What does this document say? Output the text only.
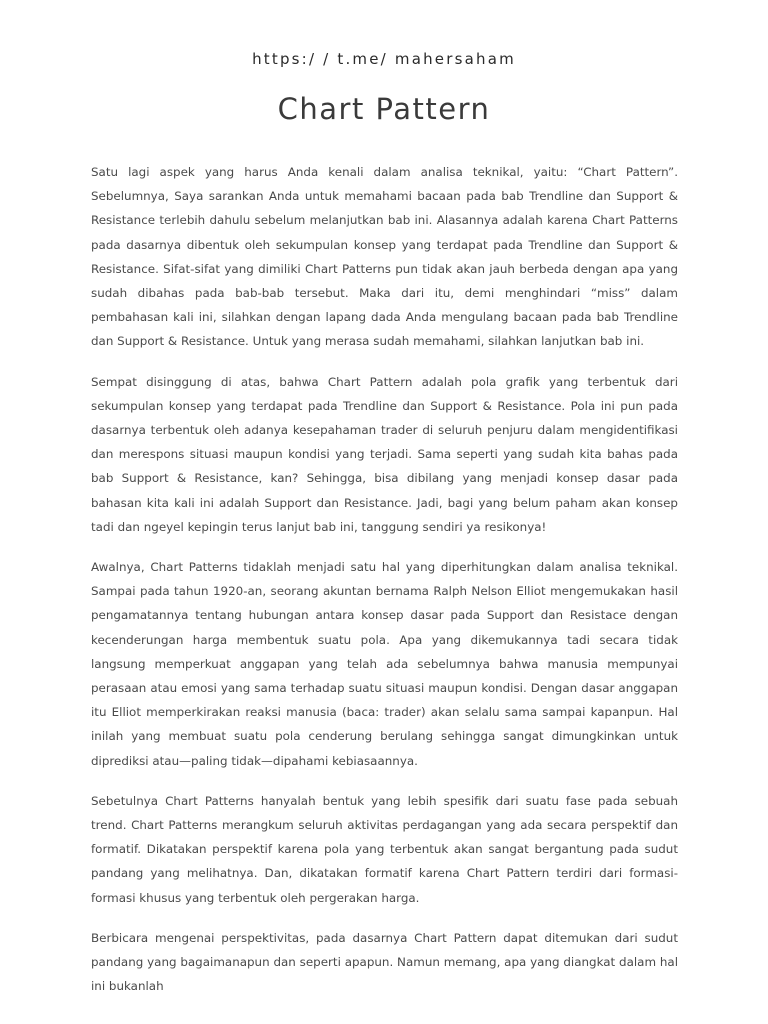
https:/ / t.me/ mahersaham
Chart Pattern

Satu lagi aspek yang harus Anda kenali dalam analisa teknikal, yaitu: “Chart Pattern”. Sebelumnya, Saya sarankan Anda untuk memahami bacaan pada bab Trendline dan Support & Resistance terlebih dahulu sebelum melanjutkan bab ini. Alasannya adalah karena Chart Patterns pada dasarnya dibentuk oleh sekumpulan konsep yang terdapat pada Trendline dan Support & Resistance. Sifat-sifat yang dimiliki Chart Patterns pun tidak akan jauh berbeda dengan apa yang sudah dibahas pada bab-bab tersebut. Maka dari itu, demi menghindari “miss” dalam pembahasan kali ini, silahkan dengan lapang dada Anda mengulang bacaan pada bab Trendline dan Support & Resistance. Untuk yang merasa sudah memahami, silahkan lanjutkan bab ini.

Sempat disinggung di atas, bahwa Chart Pattern adalah pola grafik yang terbentuk dari sekumpulan konsep yang terdapat pada Trendline dan Support & Resistance. Pola ini pun pada dasarnya terbentuk oleh adanya kesepahaman trader di seluruh penjuru dalam mengidentifikasi dan merespons situasi maupun kondisi yang terjadi. Sama seperti yang sudah kita bahas pada bab Support & Resistance, kan? Sehingga, bisa dibilang yang menjadi konsep dasar pada bahasan kita kali ini adalah Support dan Resistance. Jadi, bagi yang belum paham akan konsep tadi dan ngeyel kepingin terus lanjut bab ini, tanggung sendiri ya resikonya!

Awalnya, Chart Patterns tidaklah menjadi satu hal yang diperhitungkan dalam analisa teknikal. Sampai pada tahun 1920-an, seorang akuntan bernama Ralph Nelson Elliot mengemukakan hasil pengamatannya tentang hubungan antara konsep dasar pada Support dan Resistace dengan kecenderungan harga membentuk suatu pola. Apa yang dikemukannya tadi secara tidak langsung memperkuat anggapan yang telah ada sebelumnya bahwa manusia mempunyai perasaan atau emosi yang sama terhadap suatu situasi maupun kondisi. Dengan dasar anggapan itu Elliot memperkirakan reaksi manusia (baca: trader) akan selalu sama sampai kapanpun. Hal inilah yang membuat suatu pola cenderung berulang sehingga sangat dimungkinkan untuk diprediksi atau—paling tidak—dipahami kebiasaannya.

Sebetulnya Chart Patterns hanyalah bentuk yang lebih spesifik dari suatu fase pada sebuah trend. Chart Patterns merangkum seluruh aktivitas perdagangan yang ada secara perspektif dan formatif. Dikatakan perspektif karena pola yang terbentuk akan sangat bergantung pada sudut pandang yang melihatnya. Dan, dikatakan formatif karena Chart Pattern terdiri dari formasi-formasi khusus yang terbentuk oleh pergerakan harga.

Berbicara mengenai perspektivitas, pada dasarnya Chart Pattern dapat ditemukan dari sudut pandang yang bagaimanapun dan seperti apapun. Namun memang, apa yang diangkat dalam hal ini bukanlah
